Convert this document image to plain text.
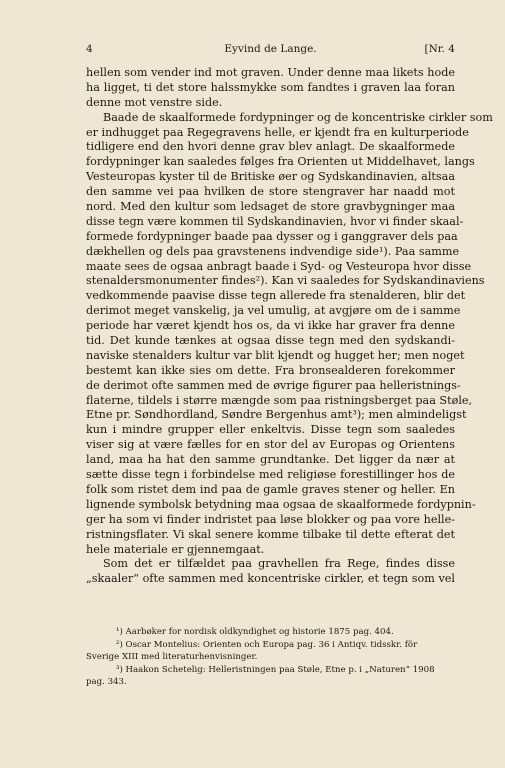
4	Eyvind de Lange.	[Nr. 4
hellen som vender ind mot graven. Under denne maa likets hode
ha ligget, ti det store halssmykke som fandtes i graven laa foran
denne mot venstre side.
Baade de skaalformede fordypninger og de koncentriske cirkler som
er indhugget paa Regegravens helle, er kjendt fra en kulturperiode
tidligere end den hvori denne grav blev anlagt. De skaalformede
fordypninger kan saaledes følges fra Orienten ut Middelhavet, langs
Vesteuropas kyster til de Britiske øer og Sydskandinavien, altsaa
den samme vei paa hvilken de store stengraver har naadd mot
nord. Med den kultur som ledsaget de store gravbygninger maa
disse tegn være kommen til Sydskandinavien, hvor vi finder skaal-
formede fordypninger baade paa dysser og i ganggraver dels paa
dækhellen og dels paa gravstenens indvendige side¹). Paa samme
maate sees de ogsaa anbragt baade i Syd- og Vesteuropa hvor disse
stenaldersmonumenter findes²). Kan vi saaledes for Sydskandinaviens
vedkommende paavise disse tegn allerede fra stenalderen, blir det
derimot meget vanskelig, ja vel umulig, at avgjøre om de i samme
periode har været kjendt hos os, da vi ikke har graver fra denne
tid. Det kunde tænkes at ogsaa disse tegn med den sydskandi-
naviske stenalders kultur var blit kjendt og hugget her; men noget
bestemt kan ikke sies om dette. Fra bronsealderen forekommer
de derimot ofte sammen med de øvrige figurer paa helleristnings-
flaterne, tildels i større mængde som paa ristningsberget paa Støle,
Etne pr. Søndhordland, Søndre Bergenhus amt³); men almindeligst
kun i mindre grupper eller enkeltvis. Disse tegn som saaledes
viser sig at være fælles for en stor del av Europas og Orientens
land, maa ha hat den samme grundtanke. Det ligger da nær at
sætte disse tegn i forbindelse med religiøse forestillinger hos de
folk som ristet dem ind paa de gamle graves stener og heller. En
lignende symbolsk betydning maa ogsaa de skaalformede fordypnin-
ger ha som vi finder indristet paa løse blokker og paa vore helle-
ristningsflater. Vi skal senere komme tilbake til dette efterat det
hele materiale er gjennemgaat.
Som det er tilfældet paa gravhellen fra Rege, findes disse
„skaaler“ ofte sammen med koncentriske cirkler, et tegn som vel
¹) Aarbøker for nordisk oldkyndighet og historie 1875 pag. 404.
²) Oscar Montelius: Orienten och Europa pag. 36 i Antiqv. tidsskr. för
Sverige XIII med literaturhenvisninger.
³) Haakon Schetelig: Helleristningen paa Støle, Etne p. i „Naturen“ 1908
pag. 343.
